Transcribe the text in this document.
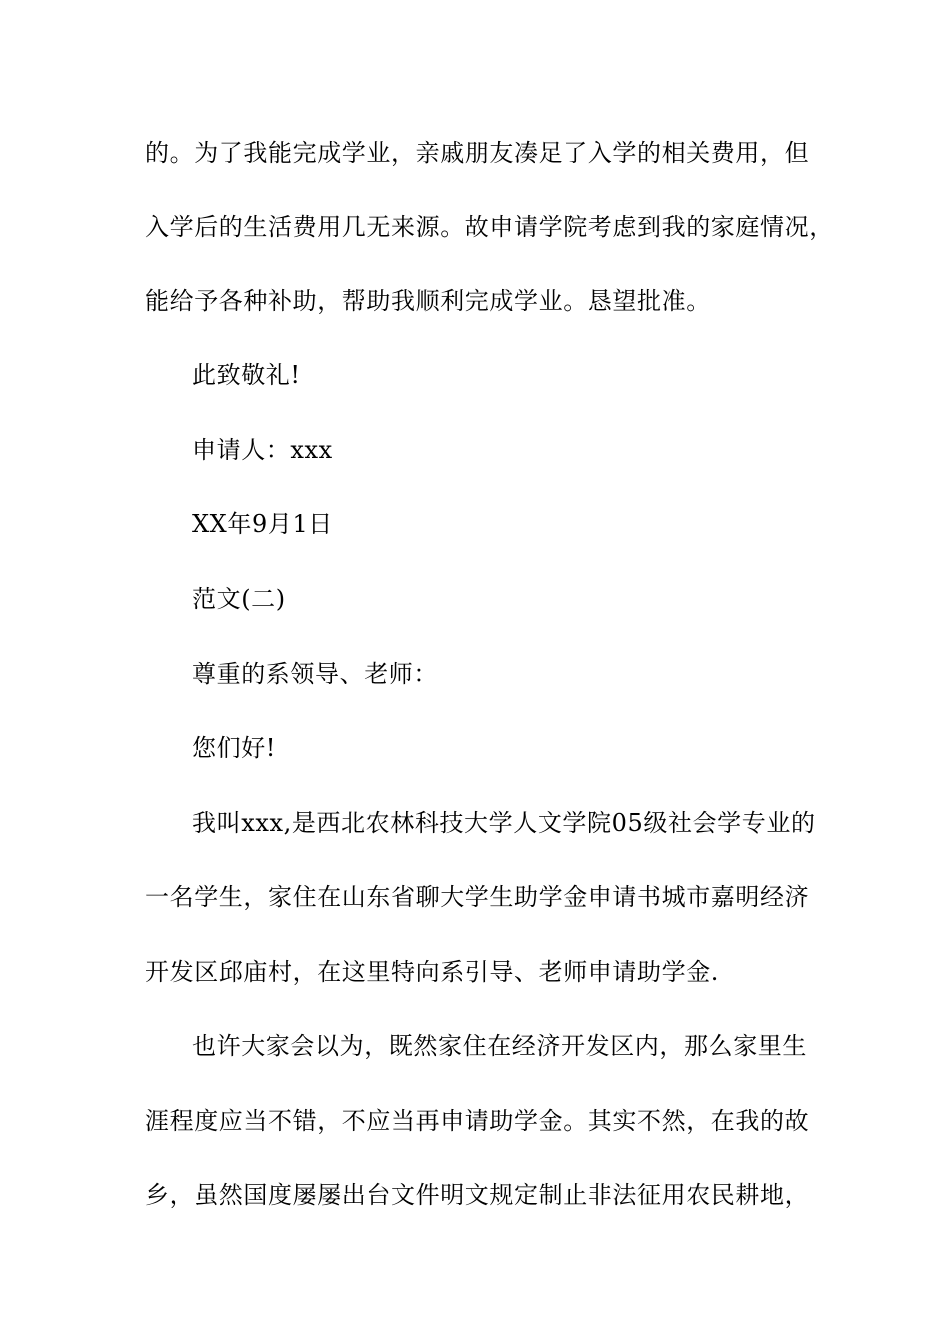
的。为了我能完成学业，亲戚朋友凑足了入学的相关费用，但
入学后的生活费用几无来源。故申请学院考虑到我的家庭情况，
能给予各种补助，帮助我顺利完成学业。恳望批准。
此致敬礼!
申请人：xxx
XX年9月1日
范文(二)
尊重的系领导、老师：
您们好!
我叫xxx,是西北农林科技大学人文学院05级社会学专业的
一名学生，家住在山东省聊大学生助学金申请书城市嘉明经济
开发区邱庙村，在这里特向系引导、老师申请助学金.
也许大家会以为，既然家住在经济开发区内，那么家里生
涯程度应当不错，不应当再申请助学金。其实不然，在我的故
乡，虽然国度屡屡出台文件明文规定制止非法征用农民耕地，
